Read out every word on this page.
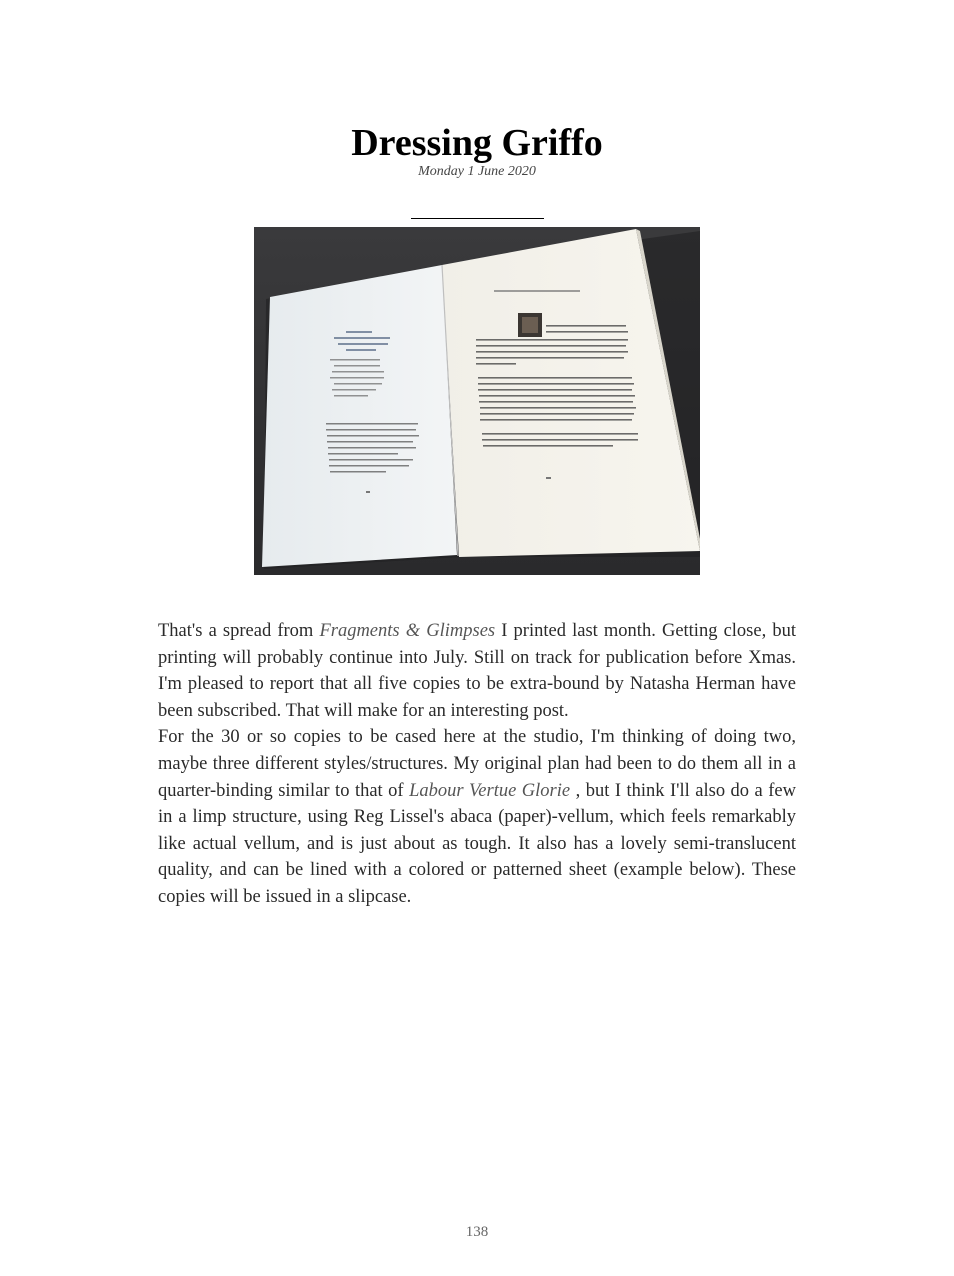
Dressing Griffo
Monday 1 June 2020

That's a spread from Fragments & Glimpses I printed last month. Getting close, but printing will probably continue into July. Still on track for publication before Xmas. I'm pleased to report that all five copies to be extra-bound by Natasha Herman have been subscribed. That will make for an interesting post.

For the 30 or so copies to be cased here at the studio, I'm thinking of doing two, maybe three different styles/structures. My original plan had been to do them all in a quarter-binding similar to that of Labour Vertue Glorie , but I think I'll also do a few in a limp structure, using Reg Lissel's abaca (paper)-vellum, which feels remarkably like actual vellum, and is just about as tough. It also has a lovely semi-translucent quality, and can be lined with a colored or patterned sheet (example below). These copies will be issued in a slipcase.

138
